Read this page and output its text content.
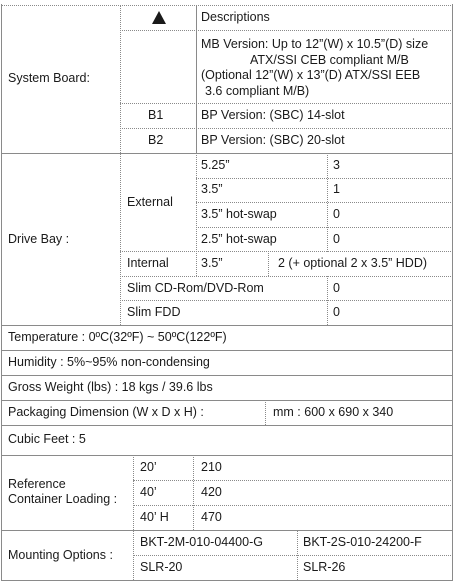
System Board:
Descriptions
MB Version: Up to 12”(W) x 10.5”(D) size
ATX/SSI CEB compliant M/B
(Optional 12”(W) x 13”(D) ATX/SSI EEB
3.6 compliant M/B)
B1	BP Version: (SBC) 14-slot
B2	BP Version: (SBC) 20-slot
Drive Bay :
External
5.25”	3
3.5”	1
3.5” hot-swap	0
2.5” hot-swap	0
Internal	3.5”	2 (+ optional 2 x 3.5” HDD)
Slim CD-Rom/DVD-Rom	0
Slim FDD	0
Temperature : 0ºC(32ºF) ~ 50ºC(122ºF)
Humidity : 5%~95% non-condensing
Gross Weight (lbs) : 18 kgs / 39.6 lbs
Packaging Dimension (W x D x H) :	mm : 600 x 690 x 340
Cubic Feet : 5
Reference
Container Loading :
20’	210
40’	420
40’ H	470
Mounting Options :
BKT-2M-010-04400-G	BKT-2S-010-24200-F
SLR-20	SLR-26
